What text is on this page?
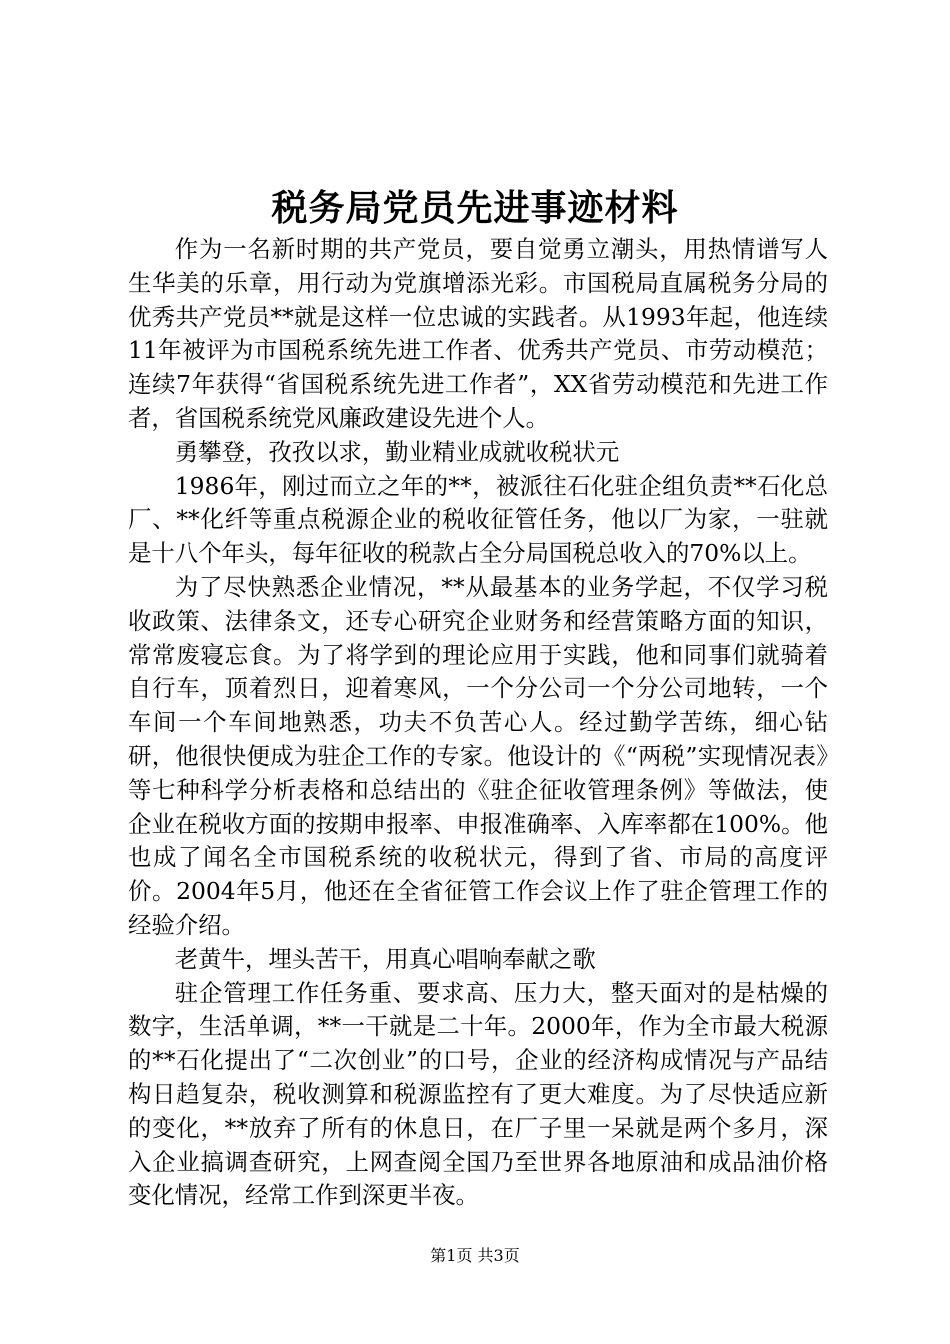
税务局党员先进事迹材料

作为一名新时期的共产党员，要自觉勇立潮头，用热情谱写人生华美的乐章，用行动为党旗增添光彩。市国税局直属税务分局的优秀共产党员**就是这样一位忠诚的实践者。从1993年起，他连续11年被评为市国税系统先进工作者、优秀共产党员、市劳动模范；连续7年获得“省国税系统先进工作者”，XX省劳动模范和先进工作者，省国税系统党风廉政建设先进个人。

勇攀登，孜孜以求，勤业精业成就收税状元

1986年，刚过而立之年的**，被派往石化驻企组负责**石化总厂、**化纤等重点税源企业的税收征管任务，他以厂为家，一驻就是十八个年头，每年征收的税款占全分局国税总收入的70%以上。

为了尽快熟悉企业情况，**从最基本的业务学起，不仅学习税收政策、法律条文，还专心研究企业财务和经营策略方面的知识，常常废寝忘食。为了将学到的理论应用于实践，他和同事们就骑着自行车，顶着烈日，迎着寒风，一个分公司一个分公司地转，一个车间一个车间地熟悉，功夫不负苦心人。经过勤学苦练，细心钻研，他很快便成为驻企工作的专家。他设计的《“两税”实现情况表》等七种科学分析表格和总结出的《驻企征收管理条例》等做法，使企业在税收方面的按期申报率、申报准确率、入库率都在100%。他也成了闻名全市国税系统的收税状元，得到了省、市局的高度评价。2004年5月，他还在全省征管工作会议上作了驻企管理工作的经验介绍。

老黄牛，埋头苦干，用真心唱响奉献之歌

驻企管理工作任务重、要求高、压力大，整天面对的是枯燥的数字，生活单调，**一干就是二十年。2000年，作为全市最大税源的**石化提出了“二次创业”的口号，企业的经济构成情况与产品结构日趋复杂，税收测算和税源监控有了更大难度。为了尽快适应新的变化，**放弃了所有的休息日，在厂子里一呆就是两个多月，深入企业搞调查研究，上网查阅全国乃至世界各地原油和成品油价格变化情况，经常工作到深更半夜。

第1页 共3页
